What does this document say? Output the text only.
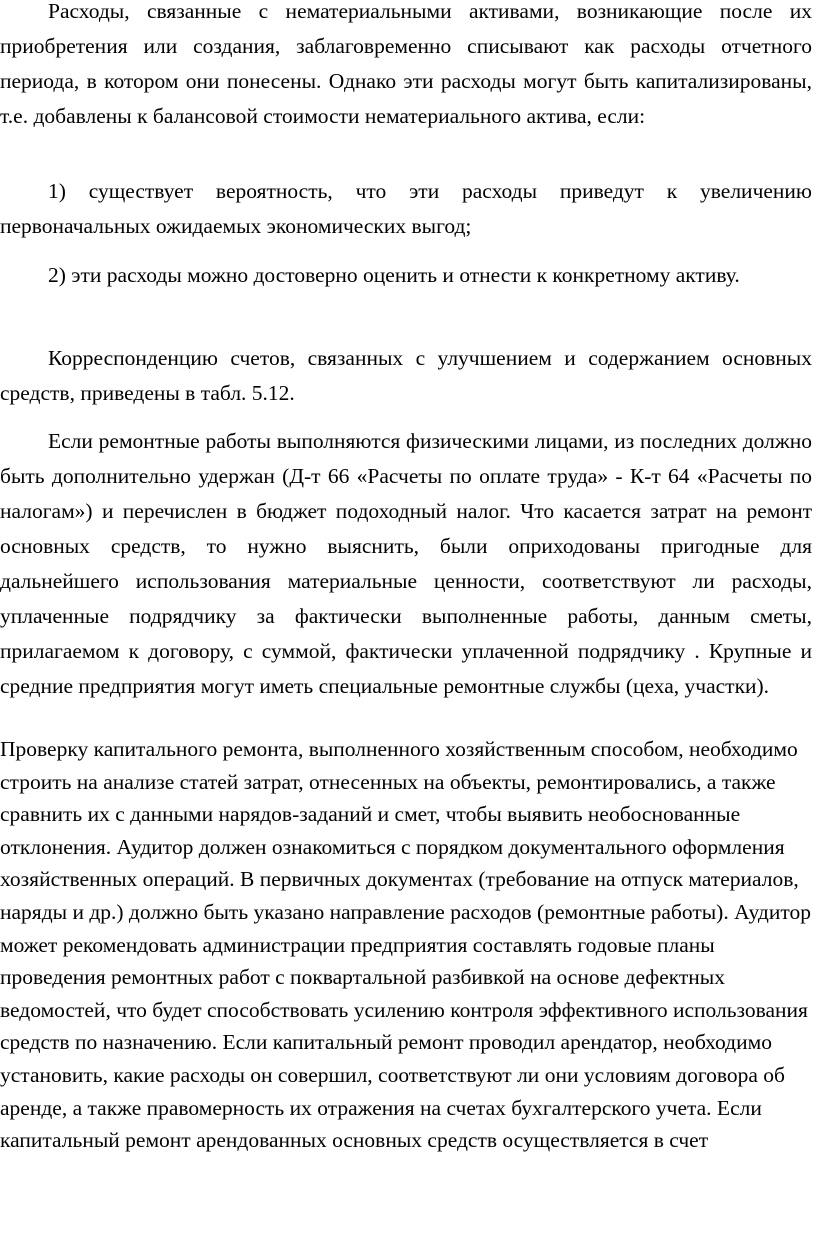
Расходы, связанные с нематериальными активами, возникающие после их приобретения или создания, заблаговременно списывают как расходы отчетного периода, в котором они понесены. Однако эти расходы могут быть капитализированы, т.е. добавлены к балансовой стоимости нематериального актива, если:

1) существует вероятность, что эти расходы приведут к увеличению первоначальных ожидаемых экономических выгод;

2) эти расходы можно достоверно оценить и отнести к конкретному активу.

Корреспонденцию счетов, связанных с улучшением и содержанием основных средств, приведены в табл. 5.12.

Если ремонтные работы выполняются физическими лицами, из последних должно быть дополнительно удержан (Д-т 66 «Расчеты по оплате труда» - К-т 64 «Расчеты по налогам») и перечислен в бюджет подоходный налог. Что касается затрат на ремонт основных средств, то нужно выяснить, были оприходованы пригодные для дальнейшего использования материальные ценности, соответствуют ли расходы, уплаченные подрядчику за фактически выполненные работы, данным сметы, прилагаемом к договору, с суммой, фактически уплаченной подрядчику . Крупные и средние предприятия могут иметь специальные ремонтные службы (цеха, участки).

Проверку капитального ремонта, выполненного хозяйственным способом, необходимо строить на анализе статей затрат, отнесенных на объекты, ремонтировались, а также сравнить их с данными нарядов-заданий и смет, чтобы выявить необоснованные отклонения. Аудитор должен ознакомиться с порядком документального оформления хозяйственных операций. В первичных документах (требование на отпуск материалов, наряды и др.) должно быть указано направление расходов (ремонтные работы). Аудитор может рекомендовать администрации предприятия составлять годовые планы проведения ремонтных работ с поквартальной разбивкой на основе дефектных ведомостей, что будет способствовать усилению контроля эффективного использования средств по назначению. Если капитальный ремонт проводил арендатор, необходимо установить, какие расходы он совершил, соответствуют ли они условиям договора об аренде, а также правомерность их отражения на счетах бухгалтерского учета. Если капитальный ремонт арендованных основных средств осуществляется в счет
